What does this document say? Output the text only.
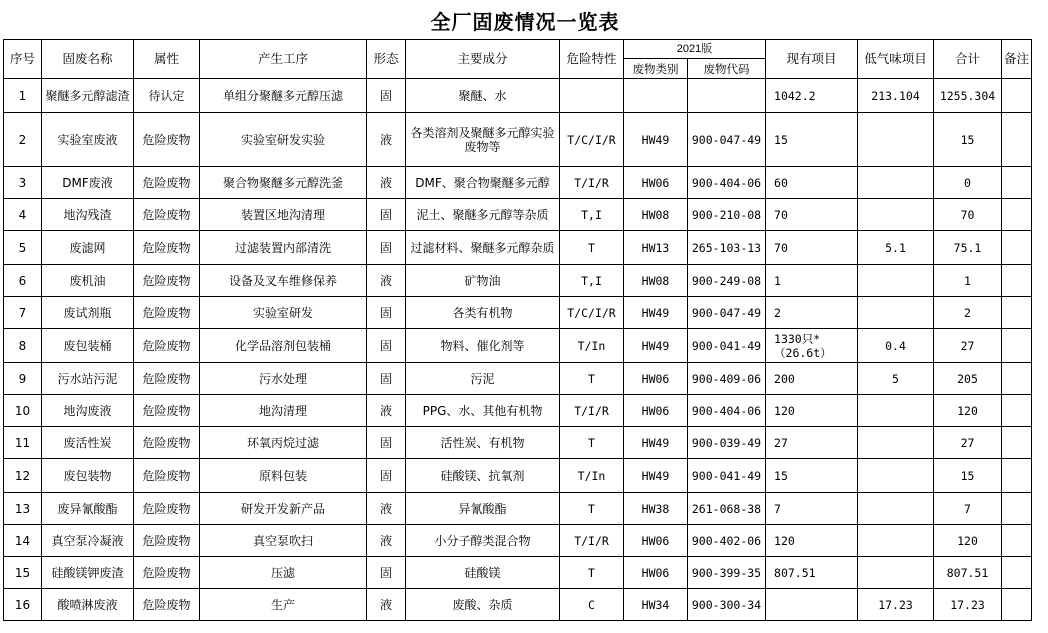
全厂固废情况一览表
序号	固废名称	属性	产生工序	形态	主要成分	危险特性	2021版		现有项目	低气味项目	合计	备注
							废物类别	废物代码				
1	聚醚多元醇滤渣	待认定	单组分聚醚多元醇压滤	固	聚醚、水				1042.2	213.104	1255.304	
2	实验室废液	危险废物	实验室研发实验	液	各类溶剂及聚醚多元醇实验废物等	T/C/I/R	HW49	900-047-49	15		15	
3	DMF废液	危险废物	聚合物聚醚多元醇洗釜	液	DMF、聚合物聚醚多元醇	T/I/R	HW06	900-404-06	60		0	
4	地沟残渣	危险废物	装置区地沟清理	固	泥土、聚醚多元醇等杂质	T,I	HW08	900-210-08	70		70	
5	废滤网	危险废物	过滤装置内部清洗	固	过滤材料、聚醚多元醇杂质	T	HW13	265-103-13	70	5.1	75.1	
6	废机油	危险废物	设备及叉车维修保养	液	矿物油	T,I	HW08	900-249-08	1		1	
7	废试剂瓶	危险废物	实验室研发	固	各类有机物	T/C/I/R	HW49	900-047-49	2		2	
8	废包装桶	危险废物	化学品溶剂包装桶	固	物料、催化剂等	T/In	HW49	900-041-49	1330只*（26.6t）	0.4	27	
9	污水站污泥	危险废物	污水处理	固	污泥	T	HW06	900-409-06	200	5	205	
10	地沟废液	危险废物	地沟清理	液	PPG、水、其他有机物	T/I/R	HW06	900-404-06	120		120	
11	废活性炭	危险废物	环氧丙烷过滤	固	活性炭、有机物	T	HW49	900-039-49	27		27	
12	废包装物	危险废物	原料包装	固	硅酸镁、抗氧剂	T/In	HW49	900-041-49	15		15	
13	废异氰酸酯	危险废物	研发开发新产品	液	异氰酸酯	T	HW38	261-068-38	7		7	
14	真空泵冷凝液	危险废物	真空泵吹扫	液	小分子醇类混合物	T/I/R	HW06	900-402-06	120		120	
15	硅酸镁钾废渣	危险废物	压滤	固	硅酸镁	T	HW06	900-399-35	807.51		807.51	
16	酸喷淋废液	危险废物	生产	液	废酸、杂质	C	HW34	900-300-34		17.23	17.23	
